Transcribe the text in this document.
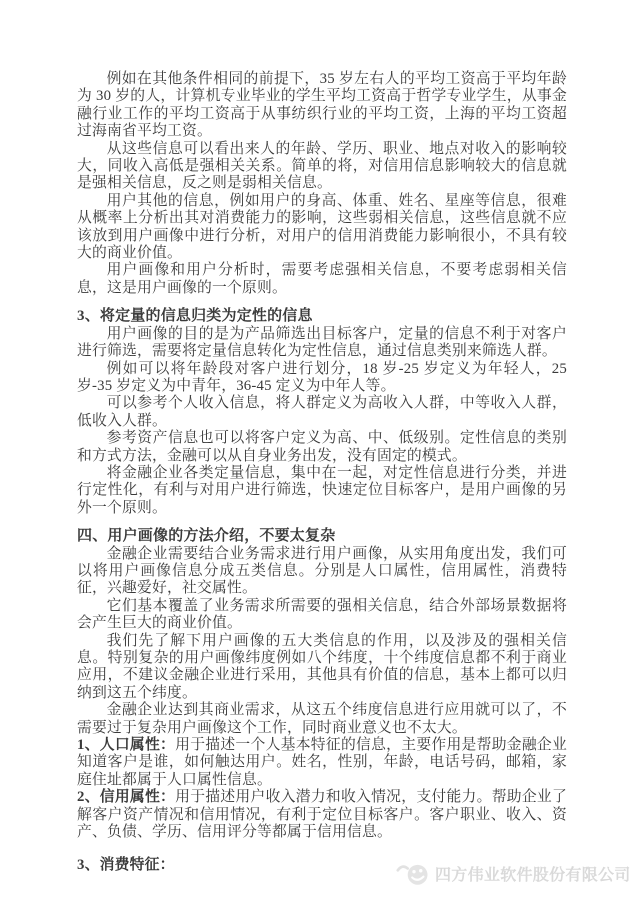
例如在其他条件相同的前提下，35 岁左右人的平均工资高于平均年龄为 30 岁的人，计算机专业毕业的学生平均工资高于哲学专业学生，从事金融行业工作的平均工资高于从事纺织行业的平均工资，上海的平均工资超过海南省平均工资。

从这些信息可以看出来人的年龄、学历、职业、地点对收入的影响较大，同收入高低是强相关关系。简单的将，对信用信息影响较大的信息就是强相关信息，反之则是弱相关信息。

用户其他的信息，例如用户的身高、体重、姓名、星座等信息，很难从概率上分析出其对消费能力的影响，这些弱相关信息，这些信息就不应该放到用户画像中进行分析，对用户的信用消费能力影响很小，不具有较大的商业价值。

用户画像和用户分析时，需要考虑强相关信息，不要考虑弱相关信息，这是用户画像的一个原则。

3、将定量的信息归类为定性的信息

用户画像的目的是为产品筛选出目标客户，定量的信息不利于对客户进行筛选，需要将定量信息转化为定性信息，通过信息类别来筛选人群。

例如可以将年龄段对客户进行划分，18 岁-25 岁定义为年轻人，25 岁-35 岁定义为中青年，36-45 定义为中年人等。

可以参考个人收入信息，将人群定义为高收入人群，中等收入人群，低收入人群。

参考资产信息也可以将客户定义为高、中、低级别。定性信息的类别和方式方法，金融可以从自身业务出发，没有固定的模式。

将金融企业各类定量信息，集中在一起，对定性信息进行分类，并进行定性化，有利与对用户进行筛选，快速定位目标客户，是用户画像的另外一个原则。

四、用户画像的方法介绍，不要太复杂

金融企业需要结合业务需求进行用户画像，从实用角度出发，我们可以将用户画像信息分成五类信息。分别是人口属性，信用属性，消费特征，兴趣爱好，社交属性。

它们基本覆盖了业务需求所需要的强相关信息，结合外部场景数据将会产生巨大的商业价值。

我们先了解下用户画像的五大类信息的作用，以及涉及的强相关信息。特别复杂的用户画像纬度例如八个纬度，十个纬度信息都不利于商业应用，不建议金融企业进行采用，其他具有价值的信息，基本上都可以归纳到这五个纬度。

金融企业达到其商业需求，从这五个纬度信息进行应用就可以了，不需要过于复杂用户画像这个工作，同时商业意义也不太大。

1、人口属性：用于描述一个人基本特征的信息，主要作用是帮助金融企业知道客户是谁，如何触达用户。姓名，性别，年龄，电话号码，邮箱，家庭住址都属于人口属性信息。

2、信用属性：用于描述用户收入潜力和收入情况，支付能力。帮助企业了解客户资产情况和信用情况，有利于定位目标客户。客户职业、收入、资产、负债、学历、信用评分等都属于信用信息。

3、消费特征：

四方伟业软件股份有限公司
